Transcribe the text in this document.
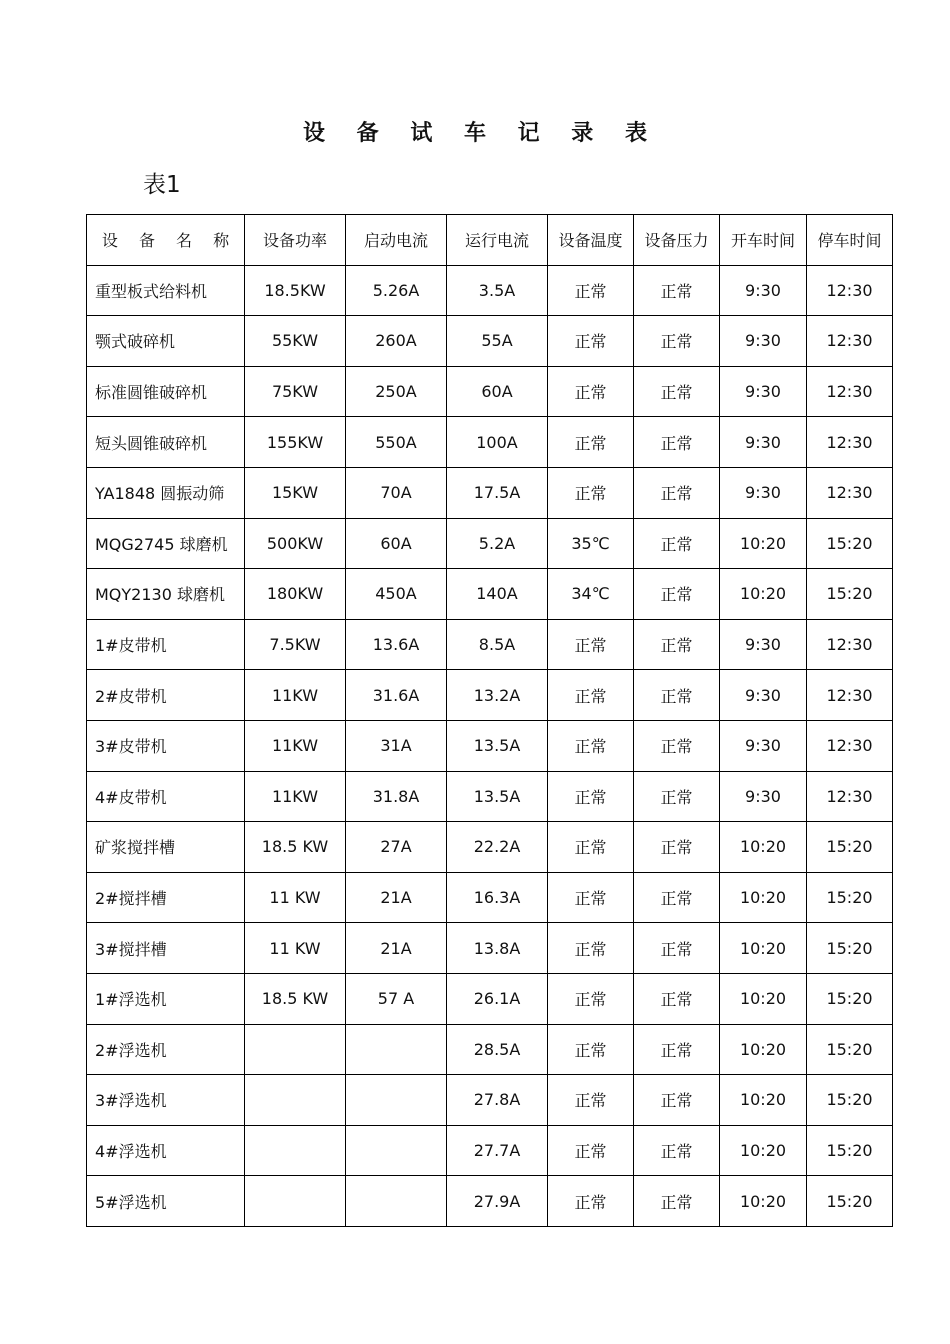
设 备 试 车 记 录 表
表1
设 备 名 称	设备功率	启动电流	运行电流	设备温度	设备压力	开车时间	停车时间
重型板式给料机	18.5KW	5.26A	3.5A	正常	正常	9:30	12:30
颚式破碎机	55KW	260A	55A	正常	正常	9:30	12:30
标准圆锥破碎机	75KW	250A	60A	正常	正常	9:30	12:30
短头圆锥破碎机	155KW	550A	100A	正常	正常	9:30	12:30
YA1848 圆振动筛	15KW	70A	17.5A	正常	正常	9:30	12:30
MQG2745 球磨机	500KW	60A	5.2A	35℃	正常	10:20	15:20
MQY2130 球磨机	180KW	450A	140A	34℃	正常	10:20	15:20
1#皮带机	7.5KW	13.6A	8.5A	正常	正常	9:30	12:30
2#皮带机	11KW	31.6A	13.2A	正常	正常	9:30	12:30
3#皮带机	11KW	31A	13.5A	正常	正常	9:30	12:30
4#皮带机	11KW	31.8A	13.5A	正常	正常	9:30	12:30
矿浆搅拌槽	18.5 KW	27A	22.2A	正常	正常	10:20	15:20
2#搅拌槽	11 KW	21A	16.3A	正常	正常	10:20	15:20
3#搅拌槽	11 KW	21A	13.8A	正常	正常	10:20	15:20
1#浮选机	18.5 KW	57 A	26.1A	正常	正常	10:20	15:20
2#浮选机			28.5A	正常	正常	10:20	15:20
3#浮选机			27.8A	正常	正常	10:20	15:20
4#浮选机			27.7A	正常	正常	10:20	15:20
5#浮选机			27.9A	正常	正常	10:20	15:20
